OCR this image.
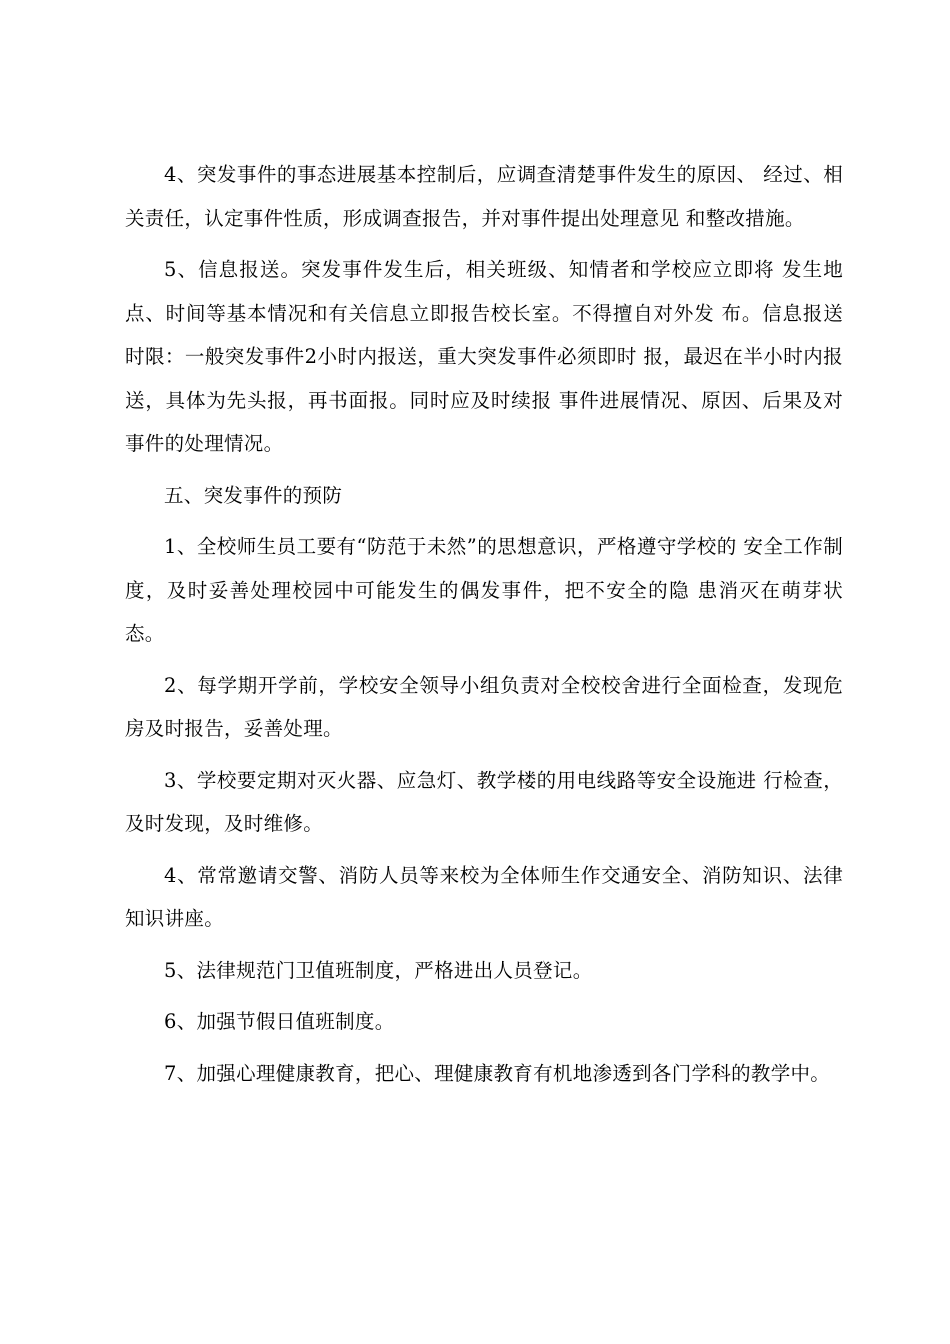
4、突发事件的事态进展基本控制后，应调查清楚事件发生的原因、 经过、相关责任，认定事件性质，形成调查报告，并对事件提出处理意见 和整改措施。

5、信息报送。突发事件发生后，相关班级、知情者和学校应立即将 发生地点、时间等基本情况和有关信息立即报告校长室。不得擅自对外发 布。信息报送时限：一般突发事件2小时内报送，重大突发事件必须即时 报，最迟在半小时内报送，具体为先头报，再书面报。同时应及时续报 事件进展情况、原因、后果及对事件的处理情况。

五、突发事件的预防

1、全校师生员工要有“防范于未然”的思想意识，严格遵守学校的 安全工作制度，及时妥善处理校园中可能发生的偶发事件，把不安全的隐 患消灭在萌芽状态。

2、每学期开学前，学校安全领导小组负责对全校校舍进行全面检查，发现危房及时报告，妥善处理。

3、学校要定期对灭火器、应急灯、教学楼的用电线路等安全设施进 行检查，及时发现，及时维修。

4、常常邀请交警、消防人员等来校为全体师生作交通安全、消防知识、法律知识讲座。

5、法律规范门卫值班制度，严格进出人员登记。

6、加强节假日值班制度。

7、加强心理健康教育，把心、理健康教育有机地渗透到各门学科的教学中。
